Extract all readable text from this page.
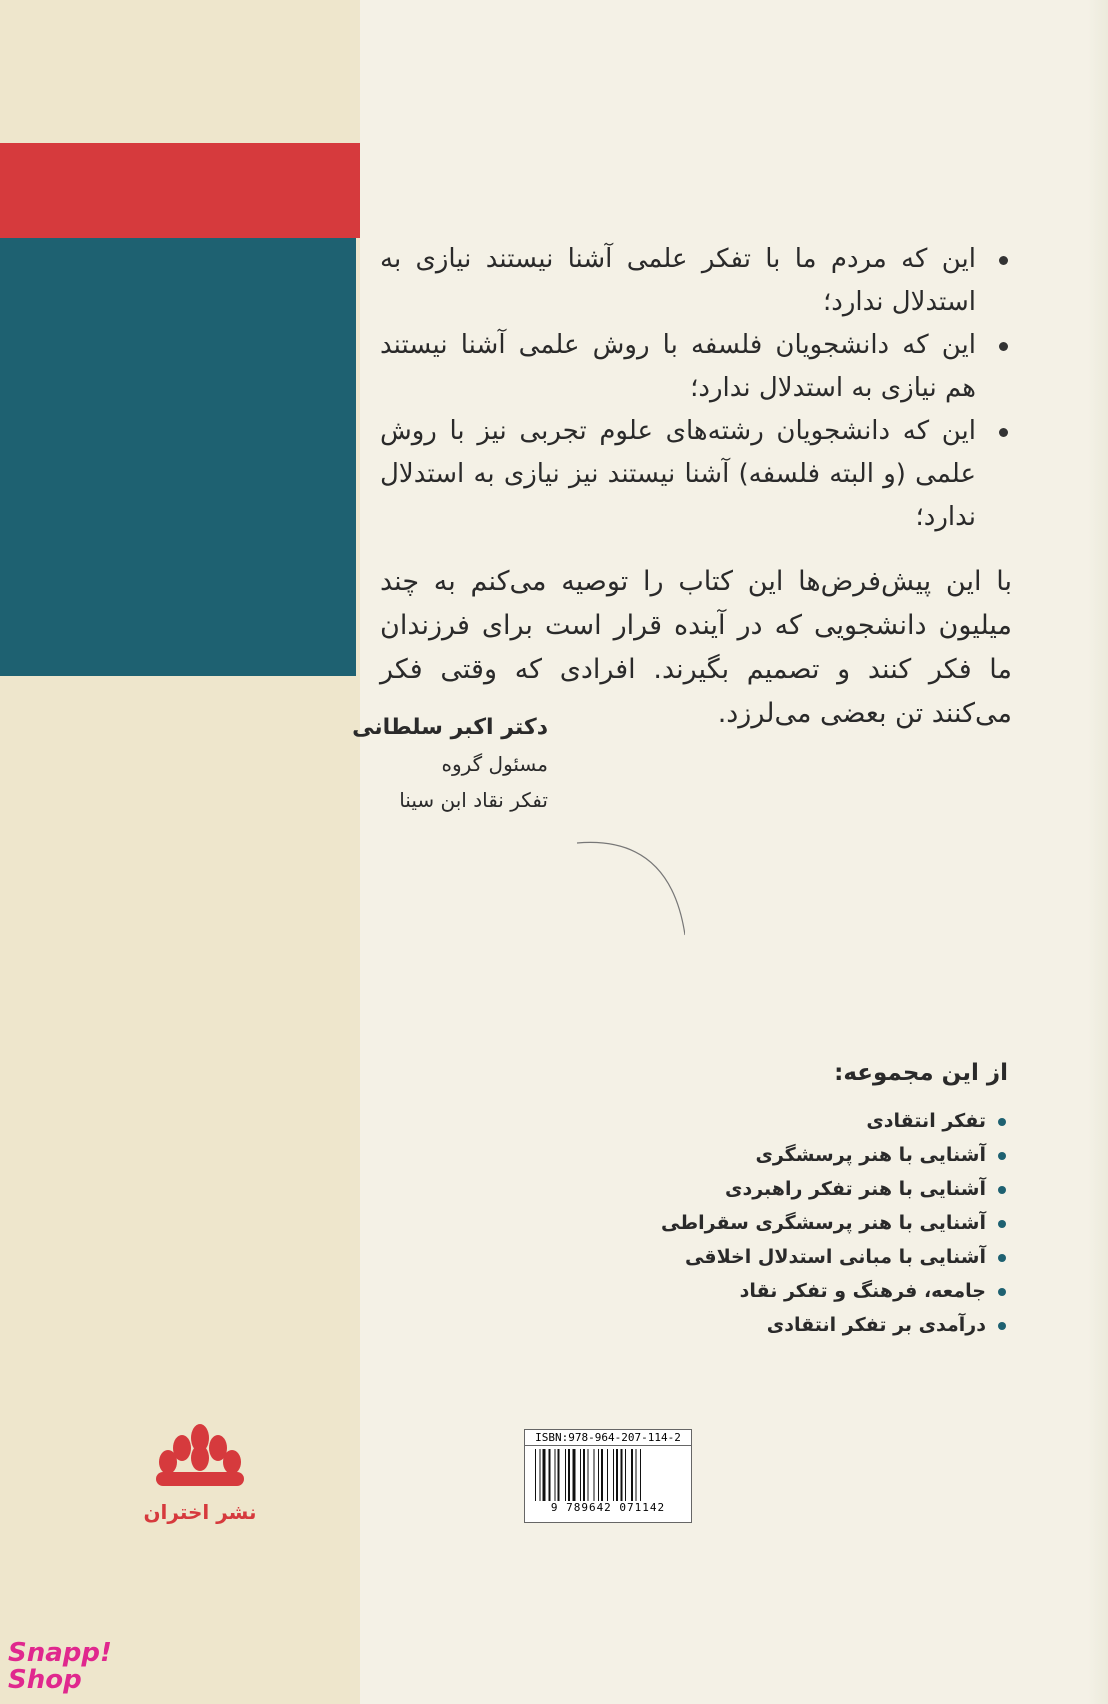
این که مردم ما با تفکر علمی آشنا نیستند نیازی به استدلال ندارد؛
این که دانشجویان فلسفه با روش علمی آشنا نیستند هم نیازی به استدلال ندارد؛
این که دانشجویان رشته‌های علوم تجربی نیز با روش علمی (و البته فلسفه) آشنا نیستند نیز نیازی به استدلال ندارد؛
با این پیش‌فرض‌ها این کتاب را توصیه می‌کنم به چند میلیون دانشجویی که در آینده قرار است برای فرزندان ما فکر کنند و تصمیم بگیرند. افرادی که وقتی فکر می‌کنند تن بعضی می‌لرزد.
دکتر اکبر سلطانی
مسئول گروه
تفکر نقاد ابن سینا
از این مجموعه:
تفکر انتقادی
آشنایی با هنر پرسشگری
آشنایی با هنر تفکر راهبردی
آشنایی با هنر پرسشگری سقراطی
آشنایی با مبانی استدلال اخلاقی
جامعه، فرهنگ و تفکر نقاد
درآمدی بر تفکر انتقادی
نشر اختران
ISBN:978-964-207-114-2
9 789642 071142
Snapp!
Shop
